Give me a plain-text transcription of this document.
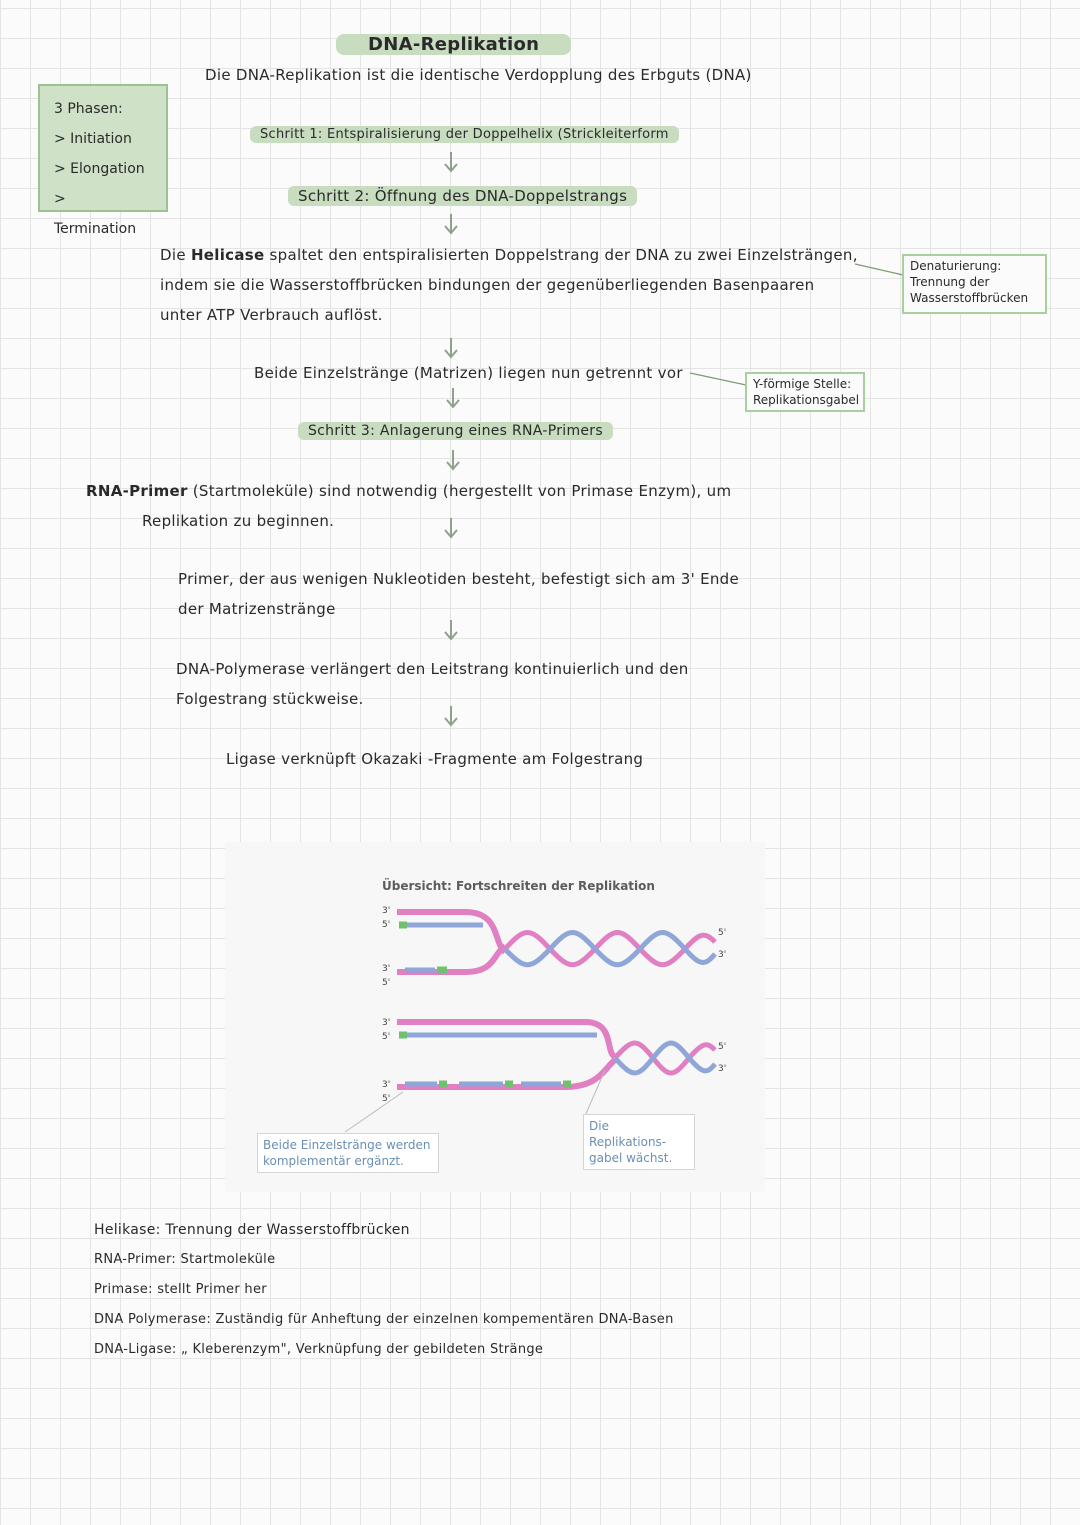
DNA-Replikation
Die DNA-Replikation ist die identische Verdopplung des Erbguts (DNA)
3 Phasen:
> Initiation
> Elongation
> Termination
Schritt 1: Entspiralisierung der Doppelhelix (Strickleiterform
Schritt 2: Öffnung des DNA-Doppelstrangs
Die Helicase spaltet den entspiralisierten Doppelstrang der DNA zu zwei Einzelsträngen,
indem sie die Wasserstoffbrücken bindungen der gegenüberliegenden Basenpaaren
unter ATP Verbrauch auflöst.
Denaturierung:
Trennung der
Wasserstoffbrücken
Beide Einzelstränge (Matrizen) liegen nun getrennt vor
Y-förmige Stelle:
Replikationsgabel
Schritt 3: Anlagerung eines RNA-Primers
RNA-Primer (Startmoleküle) sind notwendig (hergestellt von Primase Enzym), um
Replikation zu beginnen.
Primer, der aus wenigen Nukleotiden besteht, befestigt sich am 3' Ende
der Matrizenstränge
DNA-Polymerase verlängert den Leitstrang kontinuierlich und den
Folgestrang stückweise.
Ligase verknüpft Okazaki -Fragmente am Folgestrang
Übersicht: Fortschreiten der Replikation
3'
5'
3'
5'
3'
5'
3'
5'
5'
3'
5'
3'
Beide Einzelstränge werden komplementär ergänzt.
Die Replikations-gabel wächst.
Helikase: Trennung der Wasserstoffbrücken
RNA-Primer: Startmoleküle
Primase: stellt Primer her
DNA Polymerase: Zuständig für Anheftung der einzelnen kompementären DNA-Basen
DNA-Ligase: „ Kleberenzym", Verknüpfung der gebildeten Stränge
